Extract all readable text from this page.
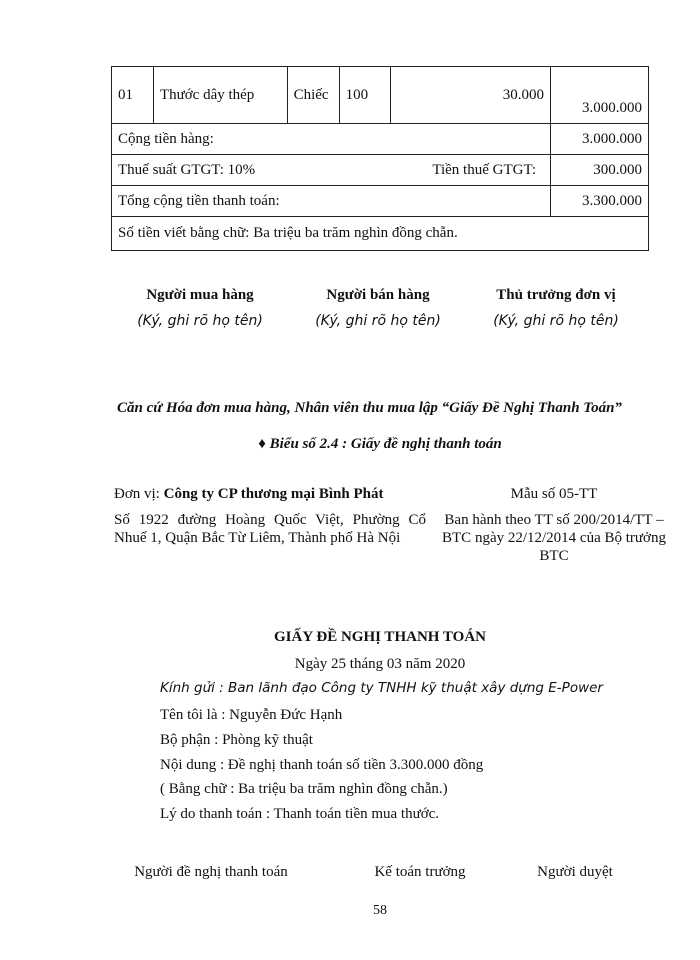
01	Thước dây thép	Chiếc	100	30.000	3.000.000
Cộng tiền hàng:					3.000.000
Thuế suất GTGT: 10% Tiền thuế GTGT:					300.000
Tổng cộng tiền thanh toán:					3.300.000
Số tiền viết bằng chữ: Ba triệu ba trăm nghìn đồng chẵn.					
Người mua hàng
(Ký, ghi rõ họ tên)
Người bán hàng
(Ký, ghi rõ họ tên)
Thủ trưởng đơn vị
(Ký, ghi rõ họ tên)
Căn cứ Hóa đơn mua hàng, Nhân viên thu mua lập “Giấy Đề Nghị Thanh Toán”
♦ Biểu số 2.4 : Giấy đề nghị thanh toán
Đơn vị: Công ty CP thương mại Bình Phát
Số 1922 đường Hoàng Quốc Việt, Phường Cổ Nhuế 1, Quận Bắc Từ Liêm, Thành phố Hà Nội
Mẫu số 05-TT
Ban hành theo TT số 200/2014/TT – BTC ngày 22/12/2014 của Bộ trưởng BTC
GIẤY ĐỀ NGHỊ THANH TOÁN
Ngày 25 tháng 03 năm 2020
Kính gửi : Ban lãnh đạo Công ty TNHH kỹ thuật xây dựng E-Power
Tên tôi là : Nguyễn Đức Hạnh
Bộ phận : Phòng kỹ thuật
Nội dung : Đề nghị thanh toán số tiền 3.300.000 đồng
( Bằng chữ : Ba triệu ba trăm nghìn đồng chẵn.)
Lý do thanh toán : Thanh toán tiền mua thước.
Người đề nghị thanh toán	Kế toán trưởng	Người duyệt
58
